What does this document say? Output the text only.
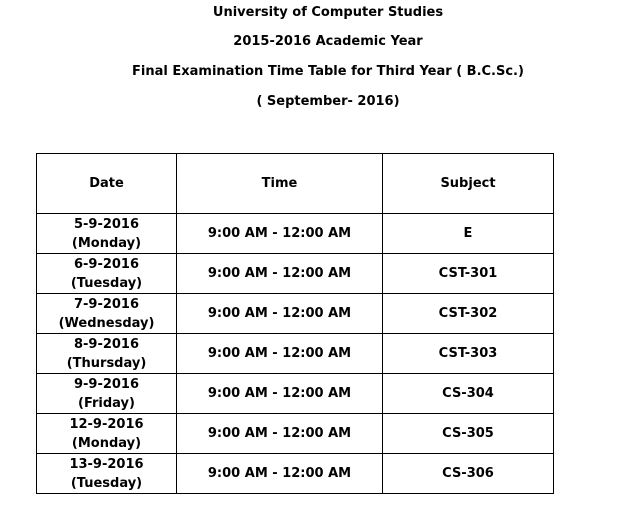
University of Computer Studies
2015-2016 Academic Year
Final Examination Time Table for Third Year ( B.C.Sc.)
( September- 2016)
Date	Time	Subject

5-9-2016
(Monday)	9:00 AM - 12:00 AM	E

6-9-2016
(Tuesday)	9:00 AM - 12:00 AM	CST-301

7-9-2016
(Wednesday)	9:00 AM - 12:00 AM	CST-302

8-9-2016
(Thursday)	9:00 AM - 12:00 AM	CST-303

9-9-2016
(Friday)	9:00 AM - 12:00 AM	CS-304

12-9-2016
(Monday)	9:00 AM - 12:00 AM	CS-305

13-9-2016
(Tuesday)	9:00 AM - 12:00 AM	CS-306
